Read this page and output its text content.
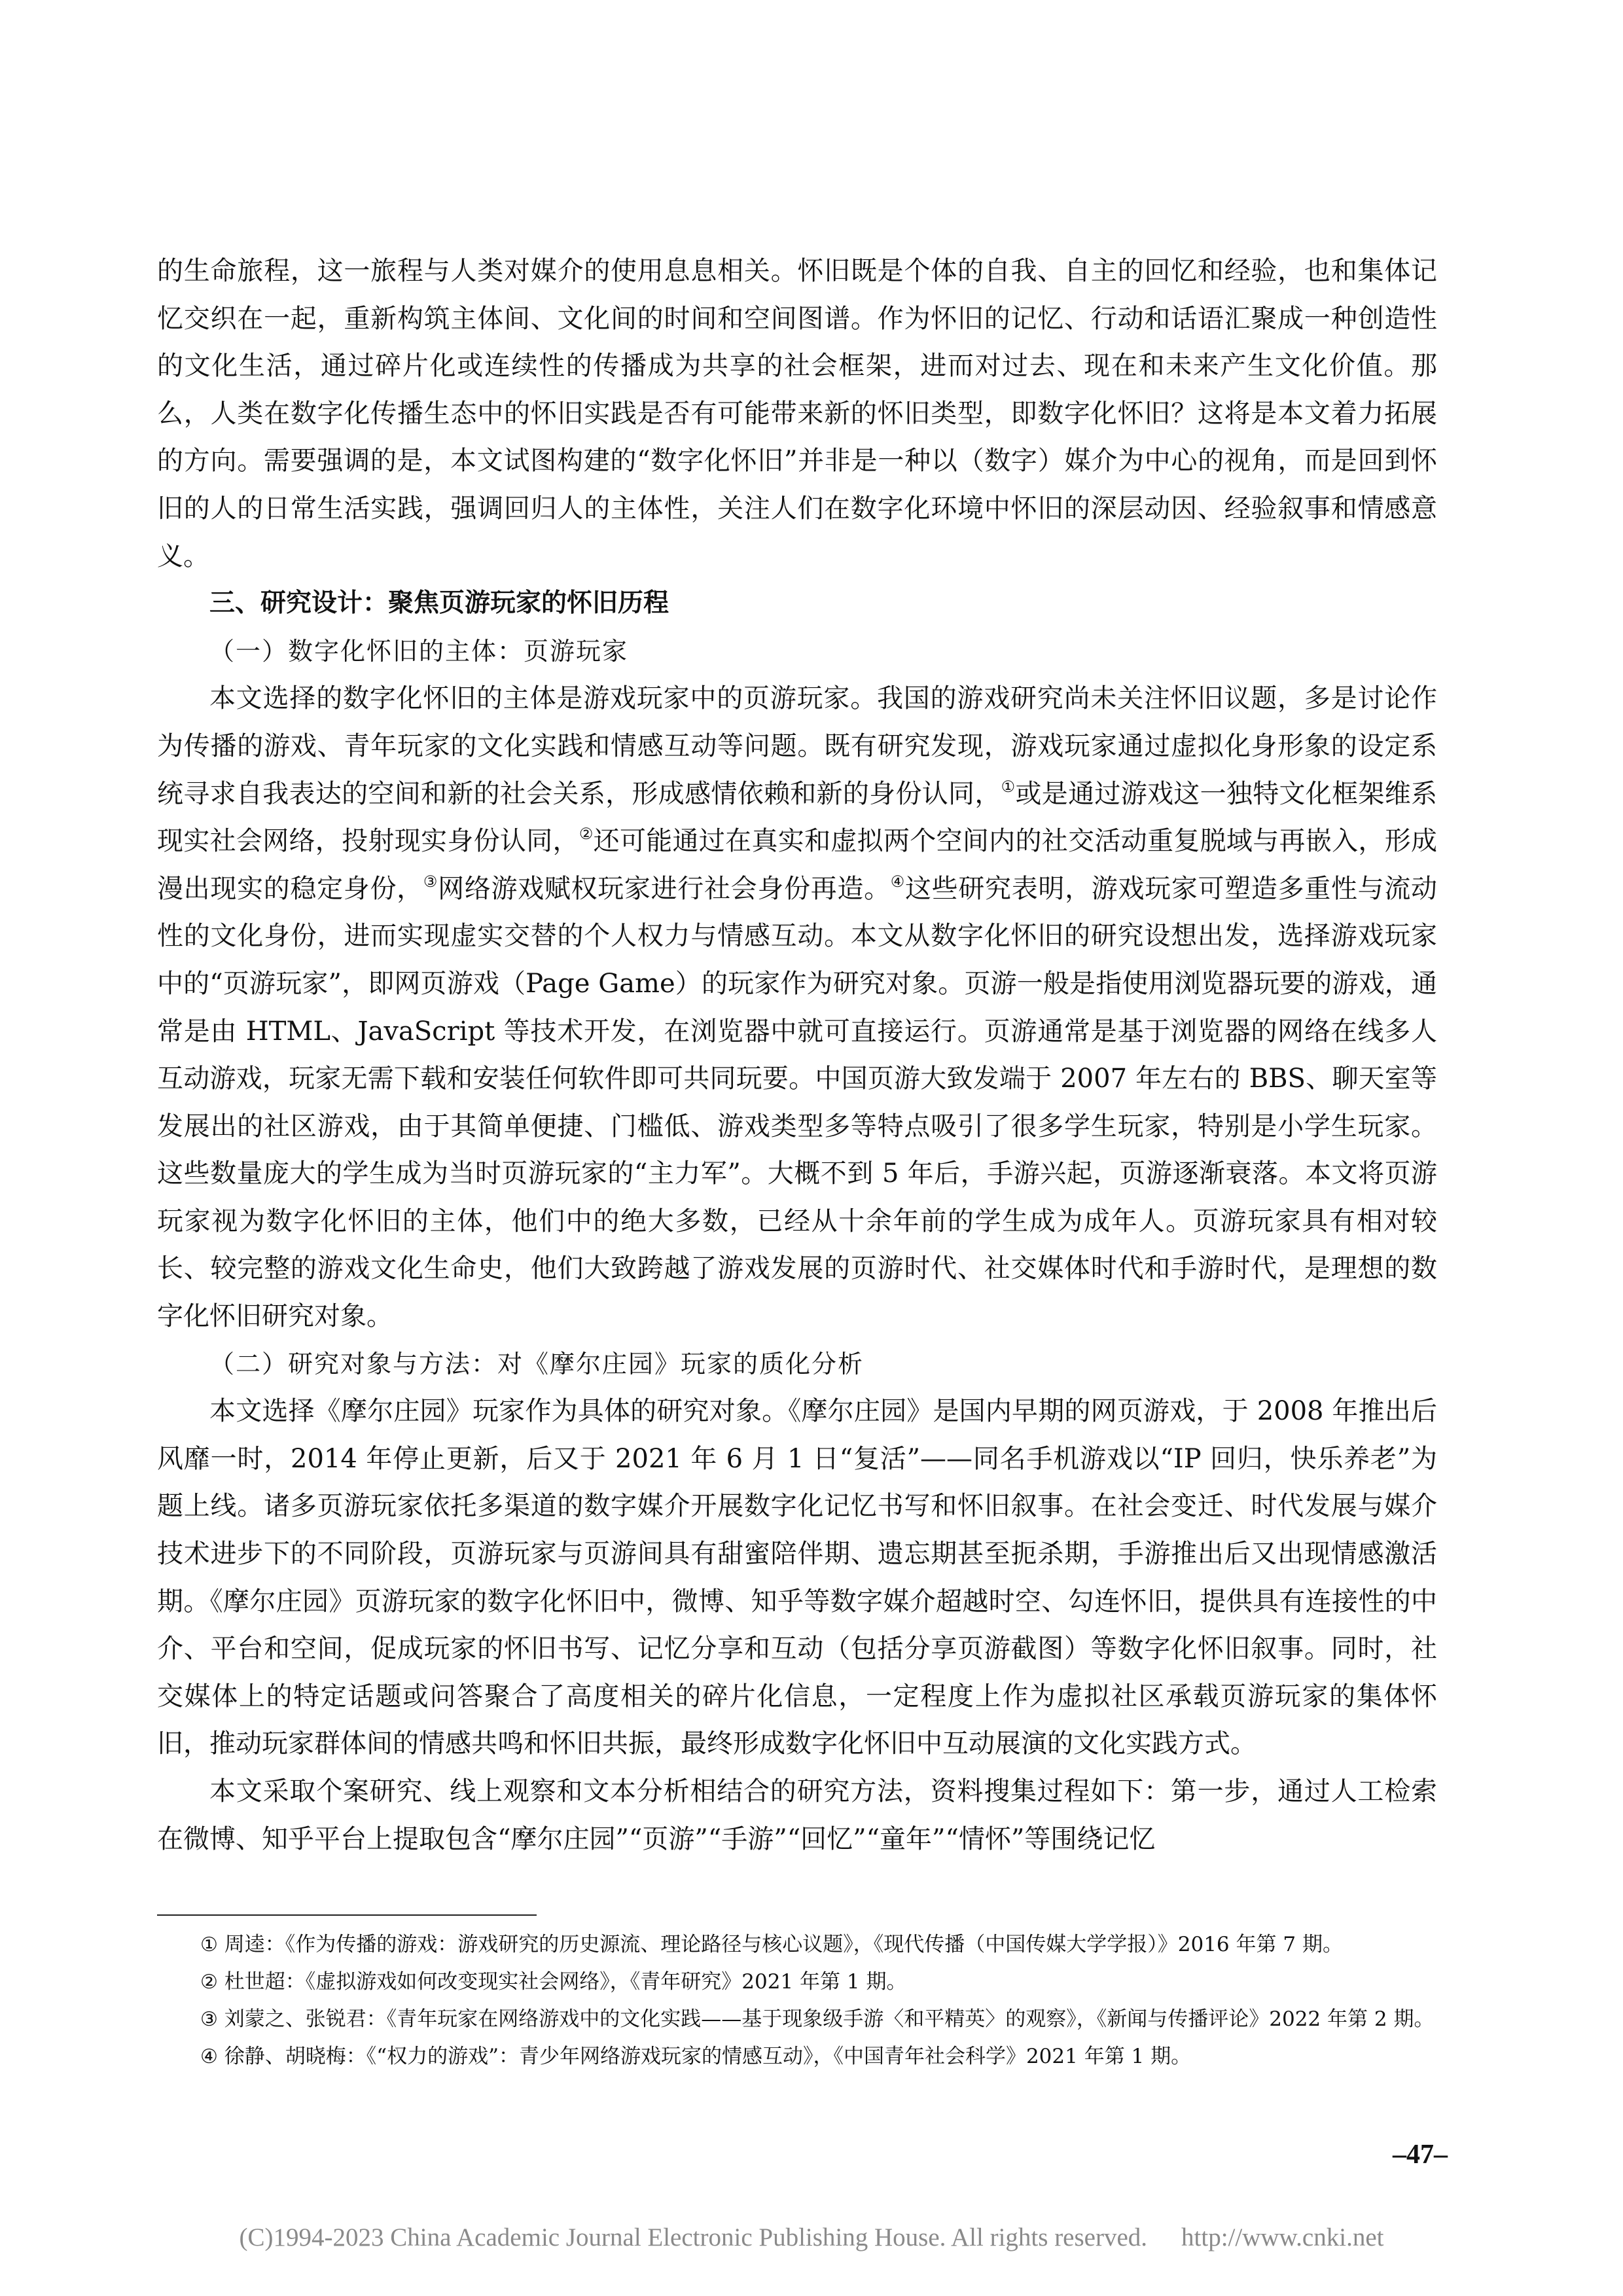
的生命旅程，这一旅程与人类对媒介的使用息息相关。怀旧既是个体的自我、自主的回忆和经验，也和集体记忆交织在一起，重新构筑主体间、文化间的时间和空间图谱。作为怀旧的记忆、行动和话语汇聚成一种创造性的文化生活，通过碎片化或连续性的传播成为共享的社会框架，进而对过去、现在和未来产生文化价值。那么，人类在数字化传播生态中的怀旧实践是否有可能带来新的怀旧类型，即数字化怀旧？这将是本文着力拓展的方向。需要强调的是，本文试图构建的“数字化怀旧”并非是一种以（数字）媒介为中心的视角，而是回到怀旧的人的日常生活实践，强调回归人的主体性，关注人们在数字化环境中怀旧的深层动因、经验叙事和情感意义。

三、研究设计：聚焦页游玩家的怀旧历程

（一）数字化怀旧的主体：页游玩家

本文选择的数字化怀旧的主体是游戏玩家中的页游玩家。我国的游戏研究尚未关注怀旧议题，多是讨论作为传播的游戏、青年玩家的文化实践和情感互动等问题。既有研究发现，游戏玩家通过虚拟化身形象的设定系统寻求自我表达的空间和新的社会关系，形成感情依赖和新的身份认同，①或是通过游戏这一独特文化框架维系现实社会网络，投射现实身份认同，②还可能通过在真实和虚拟两个空间内的社交活动重复脱域与再嵌入，形成漫出现实的稳定身份，③网络游戏赋权玩家进行社会身份再造。④这些研究表明，游戏玩家可塑造多重性与流动性的文化身份，进而实现虚实交替的个人权力与情感互动。本文从数字化怀旧的研究设想出发，选择游戏玩家中的“页游玩家”，即网页游戏（Page Game）的玩家作为研究对象。页游一般是指使用浏览器玩要的游戏，通常是由 HTML、JavaScript 等技术开发，在浏览器中就可直接运行。页游通常是基于浏览器的网络在线多人互动游戏，玩家无需下载和安装任何软件即可共同玩要。中国页游大致发端于 2007 年左右的 BBS、聊天室等发展出的社区游戏，由于其简单便捷、门槛低、游戏类型多等特点吸引了很多学生玩家，特别是小学生玩家。这些数量庞大的学生成为当时页游玩家的“主力军”。大概不到 5 年后，手游兴起，页游逐渐衰落。本文将页游玩家视为数字化怀旧的主体，他们中的绝大多数，已经从十余年前的学生成为成年人。页游玩家具有相对较长、较完整的游戏文化生命史，他们大致跨越了游戏发展的页游时代、社交媒体时代和手游时代，是理想的数字化怀旧研究对象。

（二）研究对象与方法：对《摩尔庄园》玩家的质化分析

本文选择《摩尔庄园》玩家作为具体的研究对象。《摩尔庄园》是国内早期的网页游戏，于 2008 年推出后风靡一时，2014 年停止更新，后又于 2021 年 6 月 1 日“复活”——同名手机游戏以“IP 回归，快乐养老”为题上线。诸多页游玩家依托多渠道的数字媒介开展数字化记忆书写和怀旧叙事。在社会变迁、时代发展与媒介技术进步下的不同阶段，页游玩家与页游间具有甜蜜陪伴期、遗忘期甚至扼杀期，手游推出后又出现情感激活期。《摩尔庄园》页游玩家的数字化怀旧中，微博、知乎等数字媒介超越时空、勾连怀旧，提供具有连接性的中介、平台和空间，促成玩家的怀旧书写、记忆分享和互动（包括分享页游截图）等数字化怀旧叙事。同时，社交媒体上的特定话题或问答聚合了高度相关的碎片化信息，一定程度上作为虚拟社区承载页游玩家的集体怀旧，推动玩家群体间的情感共鸣和怀旧共振，最终形成数字化怀旧中互动展演的文化实践方式。

本文采取个案研究、线上观察和文本分析相结合的研究方法，资料搜集过程如下：第一步，通过人工检索在微博、知乎平台上提取包含“摩尔庄园”“页游”“手游”“回忆”“童年”“情怀”等围绕记忆

① 周逵：《作为传播的游戏：游戏研究的历史源流、理论路径与核心议题》，《现代传播（中国传媒大学学报）》2016 年第 7 期。

② 杜世超：《虚拟游戏如何改变现实社会网络》，《青年研究》2021 年第 1 期。

③ 刘蒙之、张锐君：《青年玩家在网络游戏中的文化实践——基于现象级手游〈和平精英〉的观察》，《新闻与传播评论》2022 年第 2 期。

④ 徐静、胡晓梅：《“权力的游戏”：青少年网络游戏玩家的情感互动》，《中国青年社会科学》2021 年第 1 期。

–47–
(C)1994-2023 China Academic Journal Electronic Publishing House. All rights reserved. http://www.cnki.net
